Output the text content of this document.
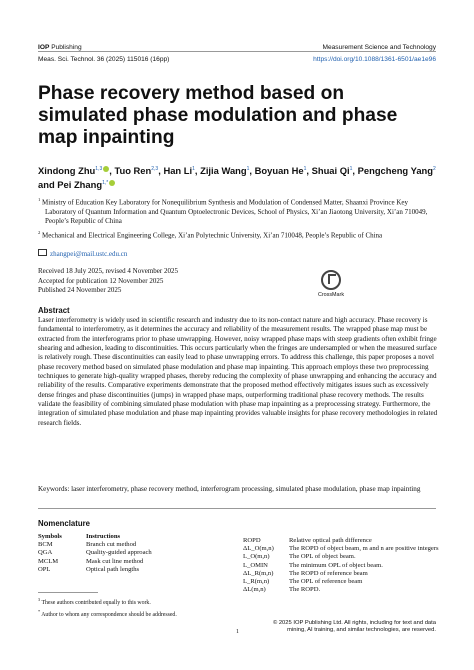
IOP Publishing	Measurement Science and Technology
Meas. Sci. Technol. 36 (2025) 115016 (16pp)	https://doi.org/10.1088/1361-6501/ae1e96
Phase recovery method based on simulated phase modulation and phase map inpainting
Xindong Zhu$^{1,3}$ , Tuo Ren$^{2,3}$, Han Li$^1$, Zijia Wang$^1$, Boyuan He$^1$, Shuai Qi$^1$, Pengcheng Yang$^2$ and Pei Zhang$^{1,*}$

$^1$ Ministry of Education Key Laboratory for Nonequilibrium Synthesis and Modulation of Condensed Matter, Shaanxi Province Key Laboratory of Quantum Information and Quantum Optoelectronic Devices, School of Physics, Xi’an Jiaotong University, Xi’an 710049, People’s Republic of China

$^2$ Mechanical and Electrical Engineering College, Xi’an Polytechnic University, Xi’an 710048, People’s Republic of China

zhangpei@mail.ustc.edu.cn
Received 18 July 2025, revised 4 November 2025
Accepted for publication 12 November 2025
Published 24 November 2025
CrossMark
Abstract
Laser interferometry is widely used in scientific research and industry due to its non-contact nature and high accuracy. Phase recovery is fundamental to interferometry, as it determines the accuracy and reliability of the measurement results. The wrapped phase map must be extracted from the interferograms prior to phase unwrapping. However, noisy wrapped phase maps with steep gradients often exhibit fringe shearing and adhesion, leading to discontinuities. This occurs particularly when the fringes are undersampled or when the measured surface is relatively rough. These discontinuities can easily lead to phase unwrapping errors. To address this challenge, this paper proposes a novel phase recovery method based on simulated phase modulation and phase map inpainting. This approach employs these two preprocessing techniques to generate high-quality wrapped phases, thereby reducing the complexity of phase unwrapping and enhancing the accuracy and reliability of the results. Comparative experiments demonstrate that the proposed method effectively mitigates issues such as excessively dense fringes and phase discontinuities (jumps) in wrapped phase maps, outperforming traditional phase recovery methods. The results validate the feasibility of combining simulated phase modulation with phase map inpainting as a preprocessing strategy. Furthermore, the integration of simulated phase modulation and phase map inpainting provides valuable insights for phase recovery methodologies in related research fields.
Keywords: laser interferometry, phase recovery method, interferogram processing, simulated phase modulation, phase map inpainting
Nomenclature
Symbols	Instructions
BCM	Branch cut method
QGA	Quality-guided approach
MCLM	Mask cut line method
OPL	Optical path lengths
ROPD	Relative optical path difference
ΔL_O(m,n)	The ROPD of object beam, m and n are positive integers
L_O(m,n)	The OPL of object beam.
L_OMIN	The minimum OPL of object beam.
ΔL_R(m,n)	The ROPD of reference beam
L_R(m,n)	The OPL of reference beam
ΔL(m,n)	The ROPD.
$^3$ These authors contributed equally to this work.
* Author to whom any correspondence should be addressed.
1
© 2025 IOP Publishing Ltd. All rights, including for text and data mining, AI training, and similar technologies, are reserved.
